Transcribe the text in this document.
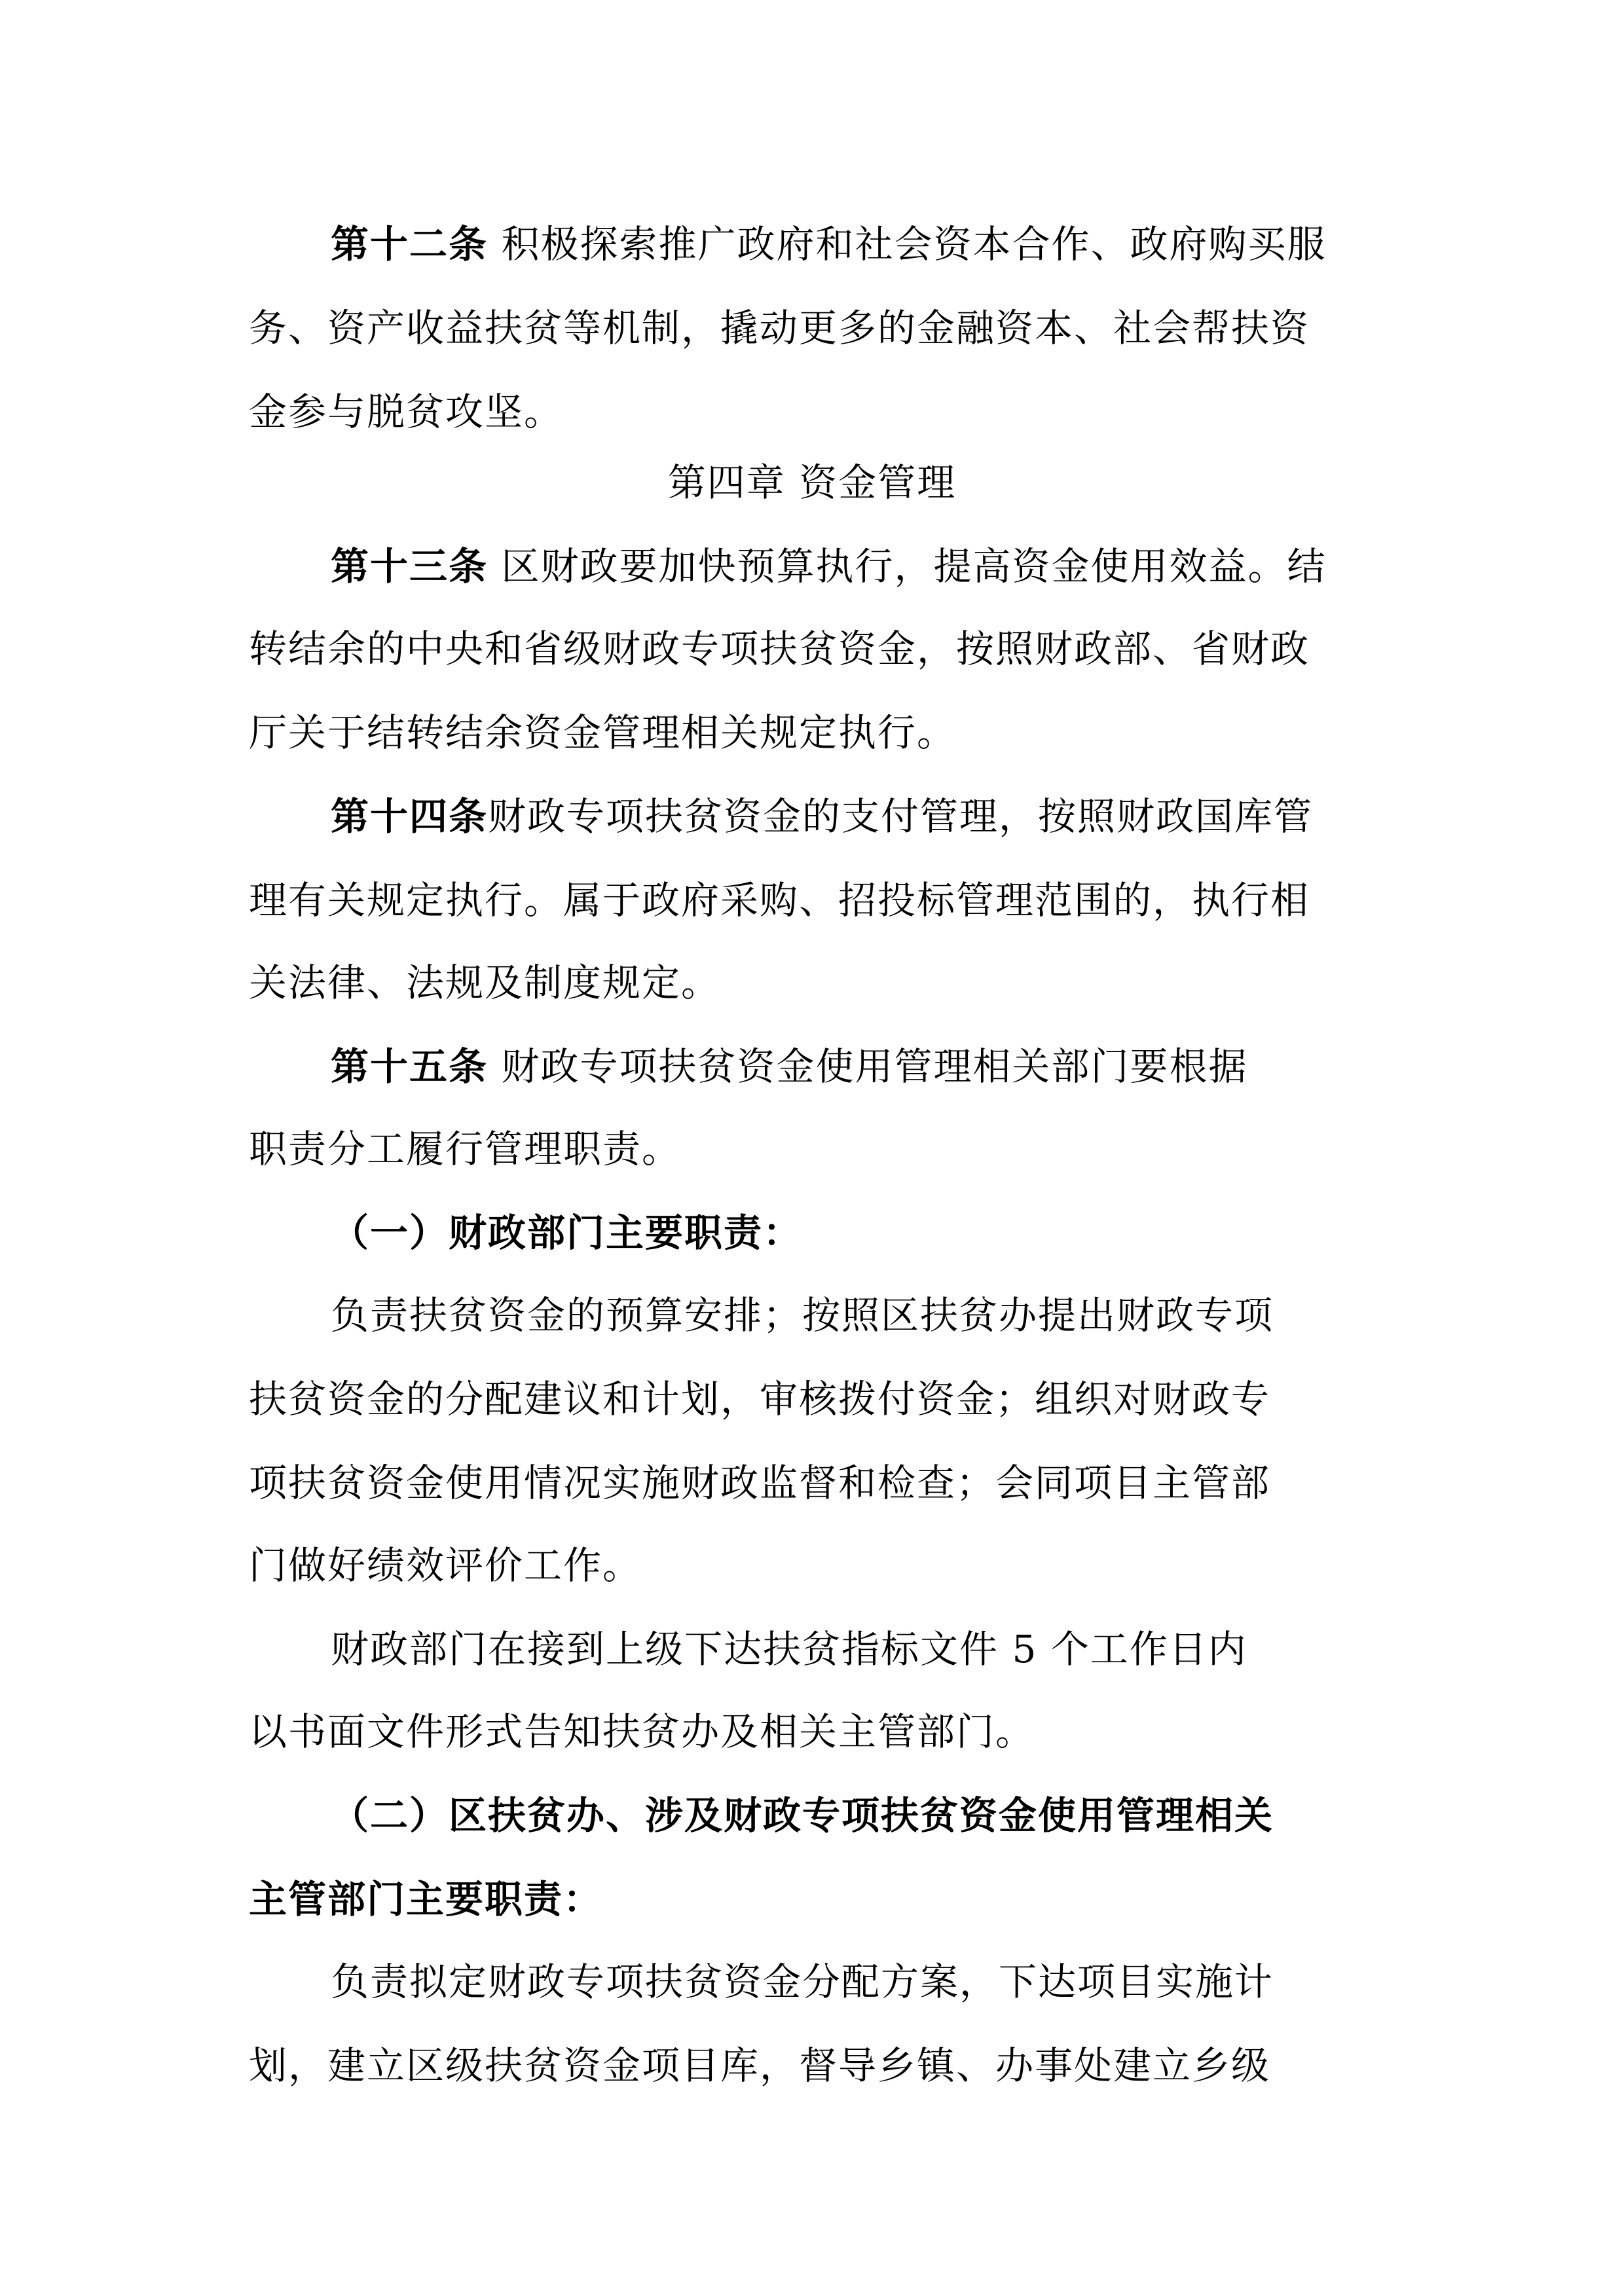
第十二条 积极探索推广政府和社会资本合作、政府购买服
务、资产收益扶贫等机制，撬动更多的金融资本、社会帮扶资
金参与脱贫攻坚。
第四章 资金管理
第十三条 区财政要加快预算执行，提高资金使用效益。结
转结余的中央和省级财政专项扶贫资金，按照财政部、省财政
厅关于结转结余资金管理相关规定执行。
第十四条财政专项扶贫资金的支付管理，按照财政国库管
理有关规定执行。属于政府采购、招投标管理范围的，执行相
关法律、法规及制度规定。
第十五条 财政专项扶贫资金使用管理相关部门要根据
职责分工履行管理职责。
（一）财政部门主要职责：
负责扶贫资金的预算安排；按照区扶贫办提出财政专项
扶贫资金的分配建议和计划，审核拨付资金；组织对财政专
项扶贫资金使用情况实施财政监督和检查；会同项目主管部
门做好绩效评价工作。
财政部门在接到上级下达扶贫指标文件 5 个工作日内
以书面文件形式告知扶贫办及相关主管部门。
（二）区扶贫办、涉及财政专项扶贫资金使用管理相关
主管部门主要职责：
负责拟定财政专项扶贫资金分配方案，下达项目实施计
划，建立区级扶贫资金项目库，督导乡镇、办事处建立乡级
